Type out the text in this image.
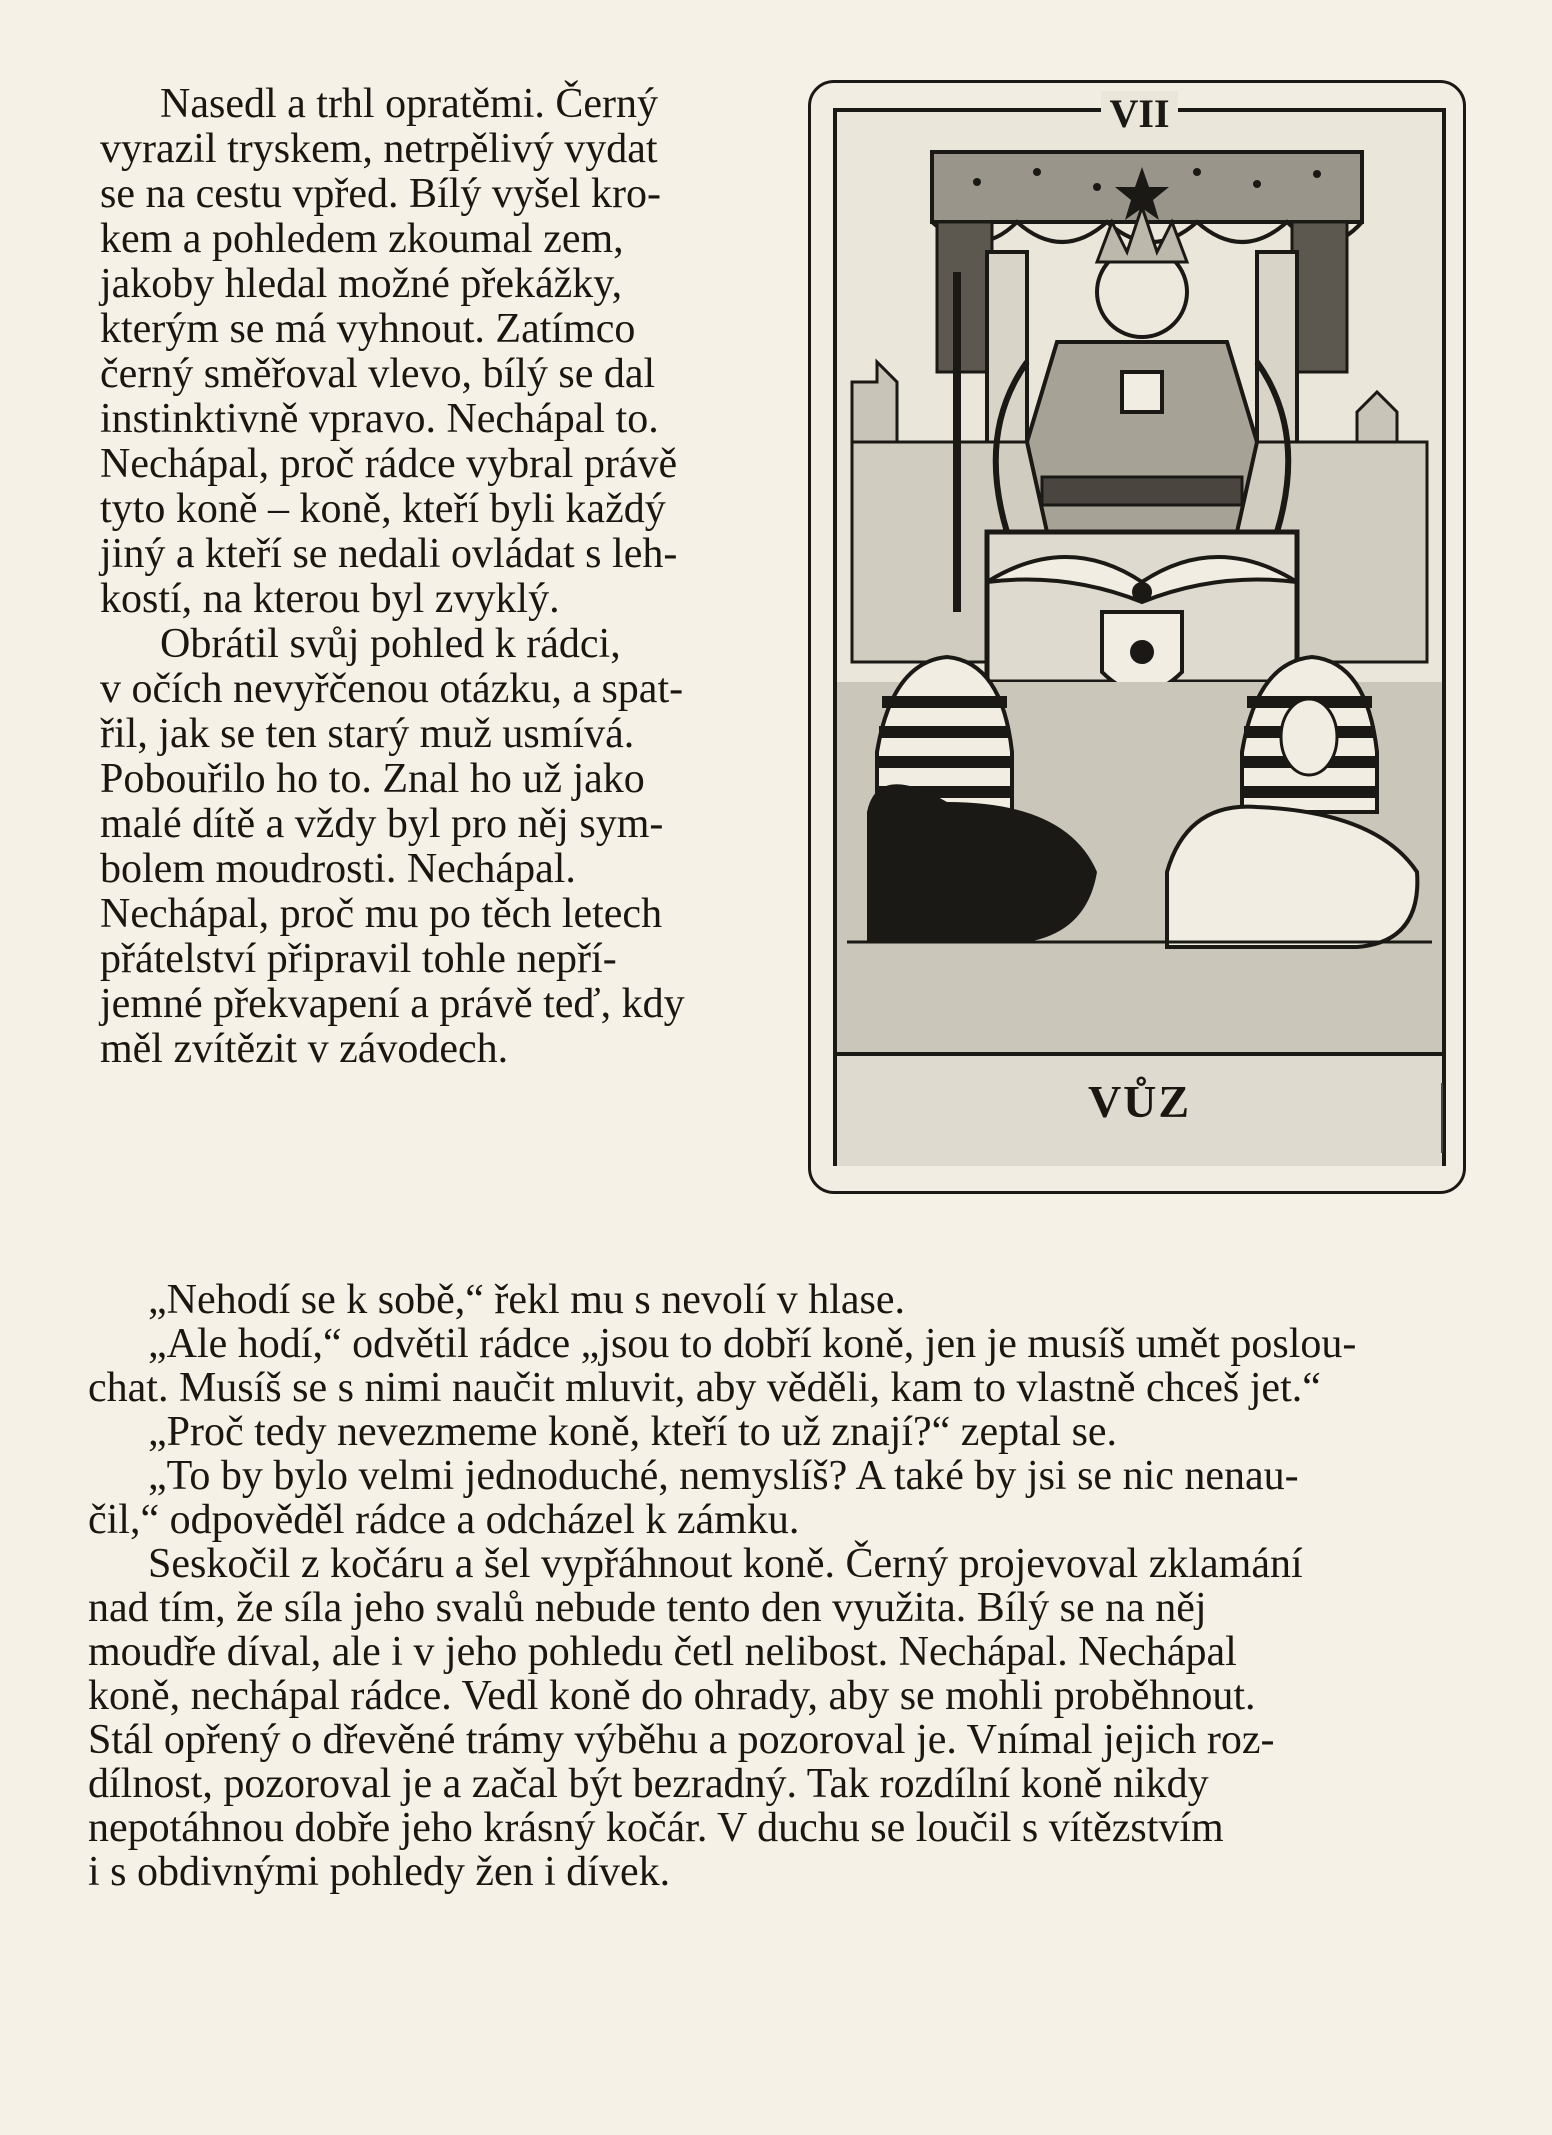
Nasedl a trhl opratěmi. Černý
vyrazil tryskem, netrpělivý vydat
se na cestu vpřed. Bílý vyšel kro-
kem a pohledem zkoumal zem,
jakoby hledal možné překážky,
kterým se má vyhnout. Zatímco
černý směřoval vlevo, bílý se dal
instinktivně vpravo. Nechápal to.
Nechápal, proč rádce vybral právě
tyto koně – koně, kteří byli každý
jiný a kteří se nedali ovládat s leh-
kostí, na kterou byl zvyklý.
Obrátil svůj pohled k rádci,
v očích nevyřčenou otázku, a spat-
řil, jak se ten starý muž usmívá.
Pobouřilo ho to. Znal ho už jako
malé dítě a vždy byl pro něj sym-
bolem moudrosti. Nechápal.
Nechápal, proč mu po těch letech
přátelství připravil tohle nepří-
jemné překvapení a právě teď, kdy
měl zvítězit v závodech.
VII
VŮZ
„Nehodí se k sobě,“ řekl mu s nevolí v hlase.
„Ale hodí,“ odvětil rádce „jsou to dobří koně, jen je musíš umět poslou-
chat. Musíš se s nimi naučit mluvit, aby věděli, kam to vlastně chceš jet.“
„Proč tedy nevezmeme koně, kteří to už znají?“ zeptal se.
„To by bylo velmi jednoduché, nemyslíš? A také by jsi se nic nenau-
čil,“ odpověděl rádce a odcházel k zámku.
Seskočil z kočáru a šel vypřáhnout koně. Černý projevoval zklamání
nad tím, že síla jeho svalů nebude tento den využita. Bílý se na něj
moudře díval, ale i v jeho pohledu četl nelibost. Nechápal. Nechápal
koně, nechápal rádce. Vedl koně do ohrady, aby se mohli proběhnout.
Stál opřený o dřevěné trámy výběhu a pozoroval je. Vnímal jejich roz-
dílnost, pozoroval je a začal být bezradný. Tak rozdílní koně nikdy
nepotáhnou dobře jeho krásný kočár. V duchu se loučil s vítězstvím
i s obdivnými pohledy žen i dívek.
